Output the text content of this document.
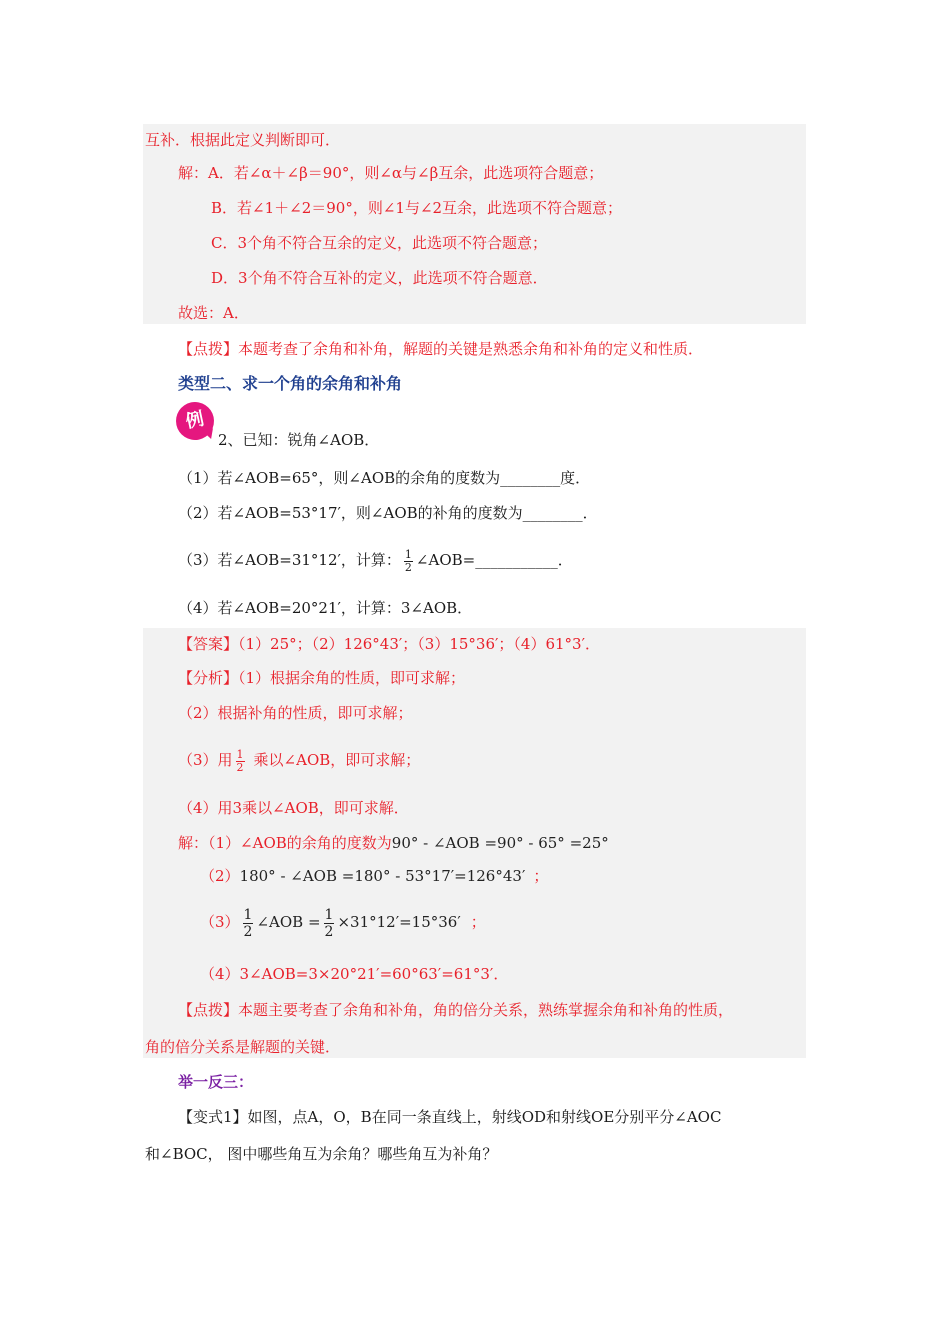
互补．根据此定义判断即可．
解：A．若∠α＋∠β＝90°，则∠α与∠β互余，此选项符合题意；
B．若∠1＋∠2＝90°，则∠1与∠2互余，此选项不符合题意；
C．3个角不符合互余的定义，此选项不符合题意；
D．3个角不符合互补的定义，此选项不符合题意．
故选：A．
【点拨】本题考查了余角和补角，解题的关键是熟悉余角和补角的定义和性质．
类型二、求一个角的余角和补角
例
2、已知：锐角∠AOB．
（1）若∠AOB=65°，则∠AOB的余角的度数为________度．
（2）若∠AOB=53°17′，则∠AOB的补角的度数为________．
（3）若∠AOB=31°12′，计算： $\frac{1}{2}$ ∠AOB=___________．
（4）若∠AOB=20°21′，计算：3∠AOB．
【答案】（1）25°；（2）126°43′；（3）15°36′；（4）61°3′．
【分析】（1）根据余角的性质，即可求解；
（2）根据补角的性质，即可求解；
（3）用 $\frac{1}{2}$ 乘以∠AOB，即可求解；
（4）用3乘以∠AOB，即可求解．
解：（1）∠AOB的余角的度数为90° - ∠AOB =90° - 65° =25°
（2）180° - ∠AOB =180° - 53°17′=126°43′ ；
$(3) \frac{1}{2}$ ∠AOB = $\frac{1}{2} \times 31^\circ 12'=15^\circ 36'$ ；
（4）3∠AOB=3×20°21′=60°63′=61°3′．
【点拨】本题主要考查了余角和补角，角的倍分关系，熟练掌握余角和补角的性质，
角的倍分关系是解题的关键．
举一反三：
【变式1】如图，点A，O，B在同一条直线上，射线OD和射线OE分别平分∠AOC
和∠BOC， 图中哪些角互为余角？哪些角互为补角？
